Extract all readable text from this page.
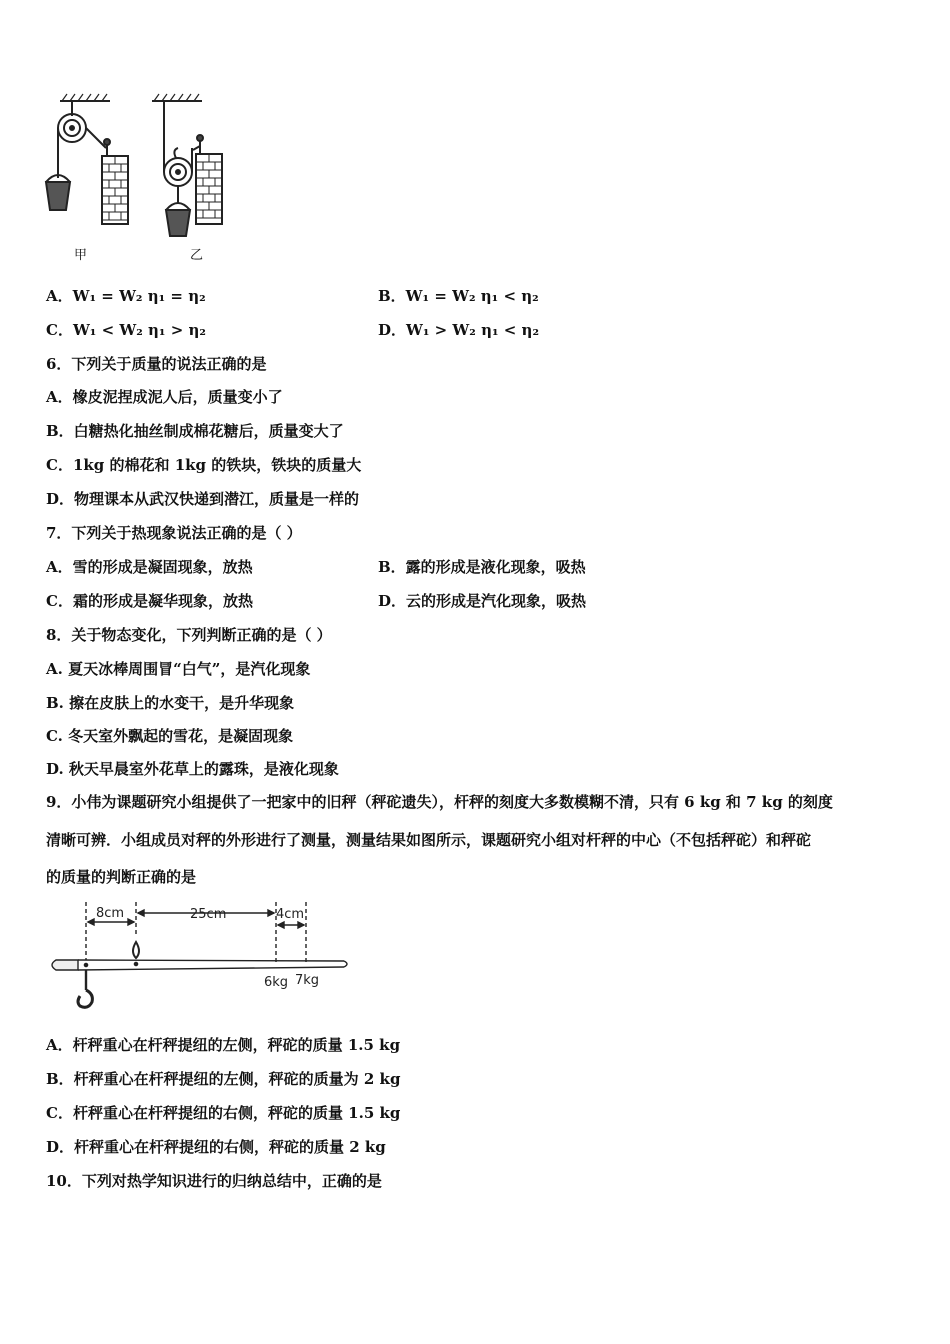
甲	乙
A．W₁ = W₂ η₁ = η₂	B．W₁ = W₂ η₁ < η₂
C．W₁ < W₂ η₁ > η₂	D．W₁ > W₂ η₁ < η₂
6．下列关于质量的说法正确的是
A．橡皮泥捏成泥人后，质量变小了
B．白糖热化抽丝制成棉花糖后，质量变大了
C．1kg 的棉花和 1kg 的铁块，铁块的质量大
D．物理课本从武汉快递到潜江，质量是一样的
7．下列关于热现象说法正确的是（ ）
A．雪的形成是凝固现象，放热	B．露的形成是液化现象，吸热
C．霜的形成是凝华现象，放热	D．云的形成是汽化现象，吸热
8．关于物态变化，下列判断正确的是（ ）
A. 夏天冰棒周围冒“白气”，是汽化现象
B. 擦在皮肤上的水变干，是升华现象
C. 冬天室外飘起的雪花，是凝固现象
D. 秋天早晨室外花草上的露珠，是液化现象
9．小伟为课题研究小组提供了一把家中的旧秤（秤砣遗失），杆秤的刻度大多数模糊不清，只有 6 kg 和 7 kg 的刻度
清晰可辨．小组成员对秤的外形进行了测量，测量结果如图所示，课题研究小组对杆秤的中心（不包括秤砣）和秤砣
的质量的判断正确的是
8cm	25cm	4cm
6kg 7kg
A．杆秤重心在杆秤提纽的左侧，秤砣的质量 1.5 kg
B．杆秤重心在杆秤提纽的左侧，秤砣的质量为 2 kg
C．杆秤重心在杆秤提纽的右侧，秤砣的质量 1.5 kg
D．杆秤重心在杆秤提纽的右侧，秤砣的质量 2 kg
10．下列对热学知识进行的归纳总结中，正确的是
